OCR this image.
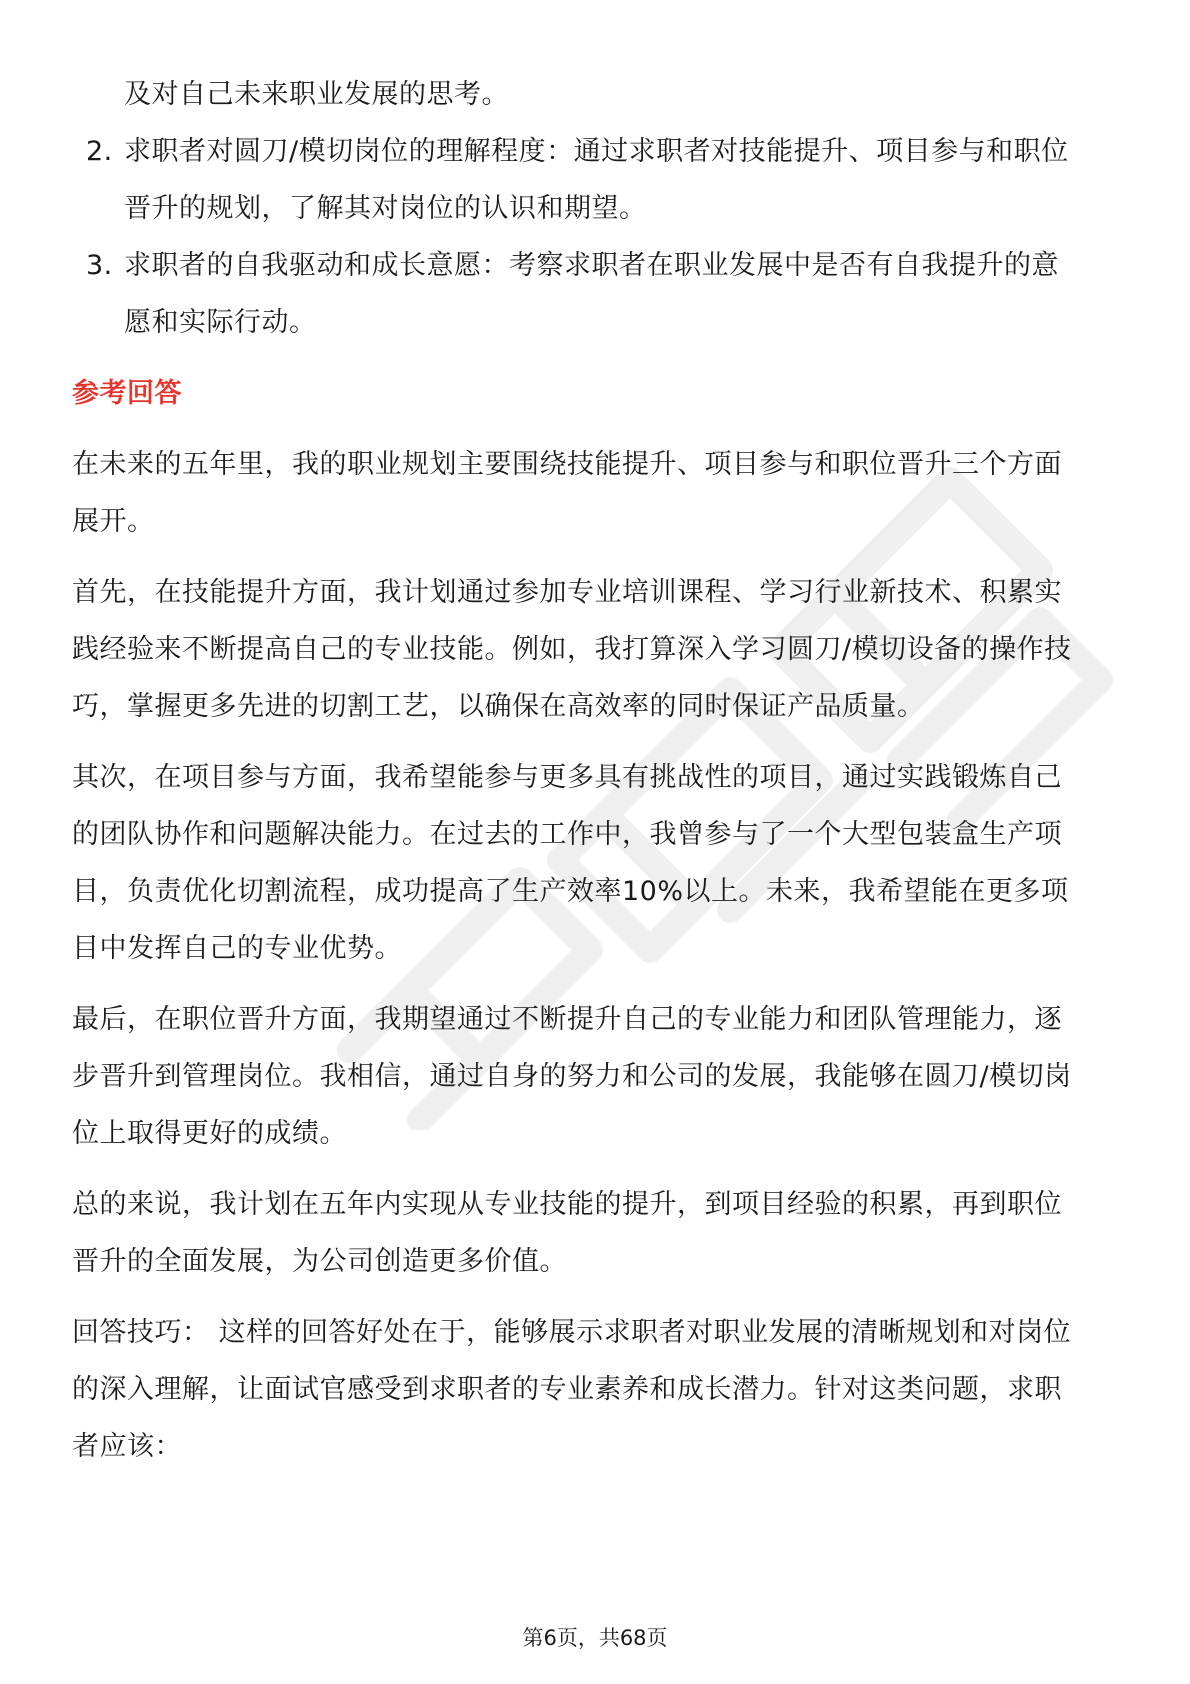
及对自己未来职业发展的思考。

2. 求职者对圆刀/模切岗位的理解程度：通过求职者对技能提升、项目参与和职位
晋升的规划，了解其对岗位的认识和期望。
3. 求职者的自我驱动和成长意愿：考察求职者在职业发展中是否有自我提升的意
愿和实际行动。
参考回答
在未来的五年里，我的职业规划主要围绕技能提升、项目参与和职位晋升三个方面
展开。
首先，在技能提升方面，我计划通过参加专业培训课程、学习行业新技术、积累实
践经验来不断提高自己的专业技能。例如，我打算深入学习圆刀/模切设备的操作技
巧，掌握更多先进的切割工艺，以确保在高效率的同时保证产品质量。
其次，在项目参与方面，我希望能参与更多具有挑战性的项目，通过实践锻炼自己
的团队协作和问题解决能力。在过去的工作中，我曾参与了一个大型包装盒生产项
目，负责优化切割流程，成功提高了生产效率10%以上。未来，我希望能在更多项
目中发挥自己的专业优势。
最后，在职位晋升方面，我期望通过不断提升自己的专业能力和团队管理能力，逐
步晋升到管理岗位。我相信，通过自身的努力和公司的发展，我能够在圆刀/模切岗
位上取得更好的成绩。
总的来说，我计划在五年内实现从专业技能的提升，到项目经验的积累，再到职位
晋升的全面发展，为公司创造更多价值。
回答技巧： 这样的回答好处在于，能够展示求职者对职业发展的清晰规划和对岗位
的深入理解，让面试官感受到求职者的专业素养和成长潜力。针对这类问题，求职
者应该：
第6页，共68页
